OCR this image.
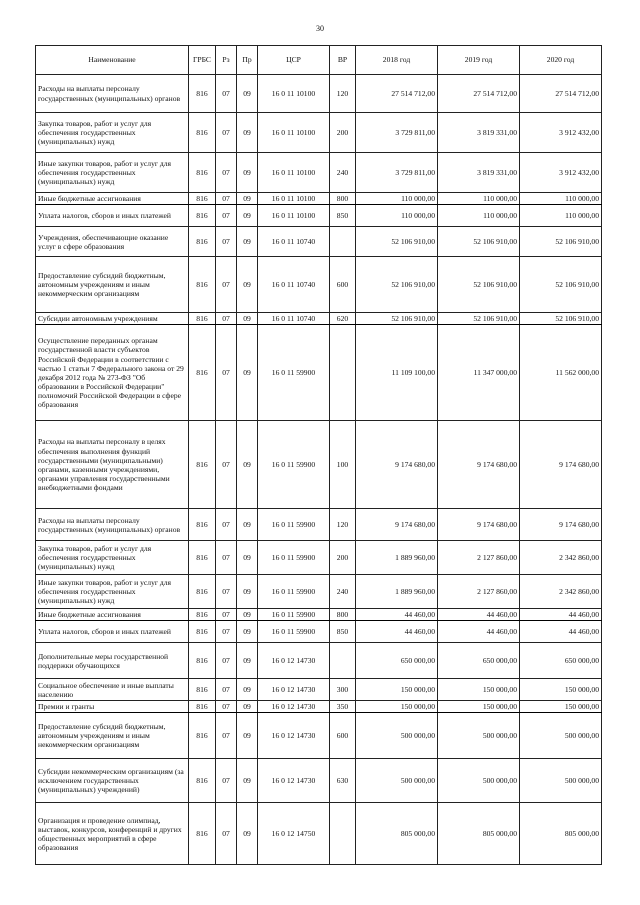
30
Наименование	ГРБС	Рз	Пр	ЦСР	ВР	2018 год	2019 год	2020 год
Расходы на выплаты персоналу государственных (муниципальных) органов	816	07	09	16 0 11 10100	120	27 514 712,00	27 514 712,00	27 514 712,00
Закупка товаров, работ и услуг для обеспечения государственных (муниципальных) нужд	816	07	09	16 0 11 10100	200	3 729 811,00	3 819 331,00	3 912 432,00
Иные закупки товаров, работ и услуг для обеспечения государственных (муниципальных) нужд	816	07	09	16 0 11 10100	240	3 729 811,00	3 819 331,00	3 912 432,00
Иные бюджетные ассигнования	816	07	09	16 0 11 10100	800	110 000,00	110 000,00	110 000,00
Уплата налогов, сборов и иных платежей	816	07	09	16 0 11 10100	850	110 000,00	110 000,00	110 000,00
Учреждения, обеспечивающие оказание услуг в сфере образования	816	07	09	16 0 11 10740		52 106 910,00	52 106 910,00	52 106 910,00
Предоставление субсидий бюджетным, автономным учреждениям и иным некоммерческим организациям	816	07	09	16 0 11 10740	600	52 106 910,00	52 106 910,00	52 106 910,00
Субсидии автономным учреждениям	816	07	09	16 0 11 10740	620	52 106 910,00	52 106 910,00	52 106 910,00
Осуществление переданных органам государственной власти субъектов Российской Федерации в соответствии с частью 1 статьи 7 Федерального закона от 29 декабря 2012 года № 273-ФЗ "Об образовании в Российской Федерации" полномочий Российской Федерации в сфере образования	816	07	09	16 0 11 59900		11 109 100,00	11 347 000,00	11 562 000,00
Расходы на выплаты персоналу в целях обеспечения выполнения функций государственными (муниципальными) органами, казенными учреждениями, органами управления государственными внебюджетными фондами	816	07	09	16 0 11 59900	100	9 174 680,00	9 174 680,00	9 174 680,00
Расходы на выплаты персоналу государственных (муниципальных) органов	816	07	09	16 0 11 59900	120	9 174 680,00	9 174 680,00	9 174 680,00
Закупка товаров, работ и услуг для обеспечения государственных (муниципальных) нужд	816	07	09	16 0 11 59900	200	1 889 960,00	2 127 860,00	2 342 860,00
Иные закупки товаров, работ и услуг для обеспечения государственных (муниципальных) нужд	816	07	09	16 0 11 59900	240	1 889 960,00	2 127 860,00	2 342 860,00
Иные бюджетные ассигнования	816	07	09	16 0 11 59900	800	44 460,00	44 460,00	44 460,00
Уплата налогов, сборов и иных платежей	816	07	09	16 0 11 59900	850	44 460,00	44 460,00	44 460,00
Дополнительные меры государственной поддержки обучающихся	816	07	09	16 0 12 14730		650 000,00	650 000,00	650 000,00
Социальное обеспечение и иные выплаты населению	816	07	09	16 0 12 14730	300	150 000,00	150 000,00	150 000,00
Премии и гранты	816	07	09	16 0 12 14730	350	150 000,00	150 000,00	150 000,00
Предоставление субсидий бюджетным, автономным учреждениям и иным некоммерческим организациям	816	07	09	16 0 12 14730	600	500 000,00	500 000,00	500 000,00
Субсидии некоммерческим организациям (за исключением государственных (муниципальных) учреждений)	816	07	09	16 0 12 14730	630	500 000,00	500 000,00	500 000,00
Организация и проведение олимпиад, выставок, конкурсов, конференций и других общественных мероприятий в сфере образования	816	07	09	16 0 12 14750		805 000,00	805 000,00	805 000,00
